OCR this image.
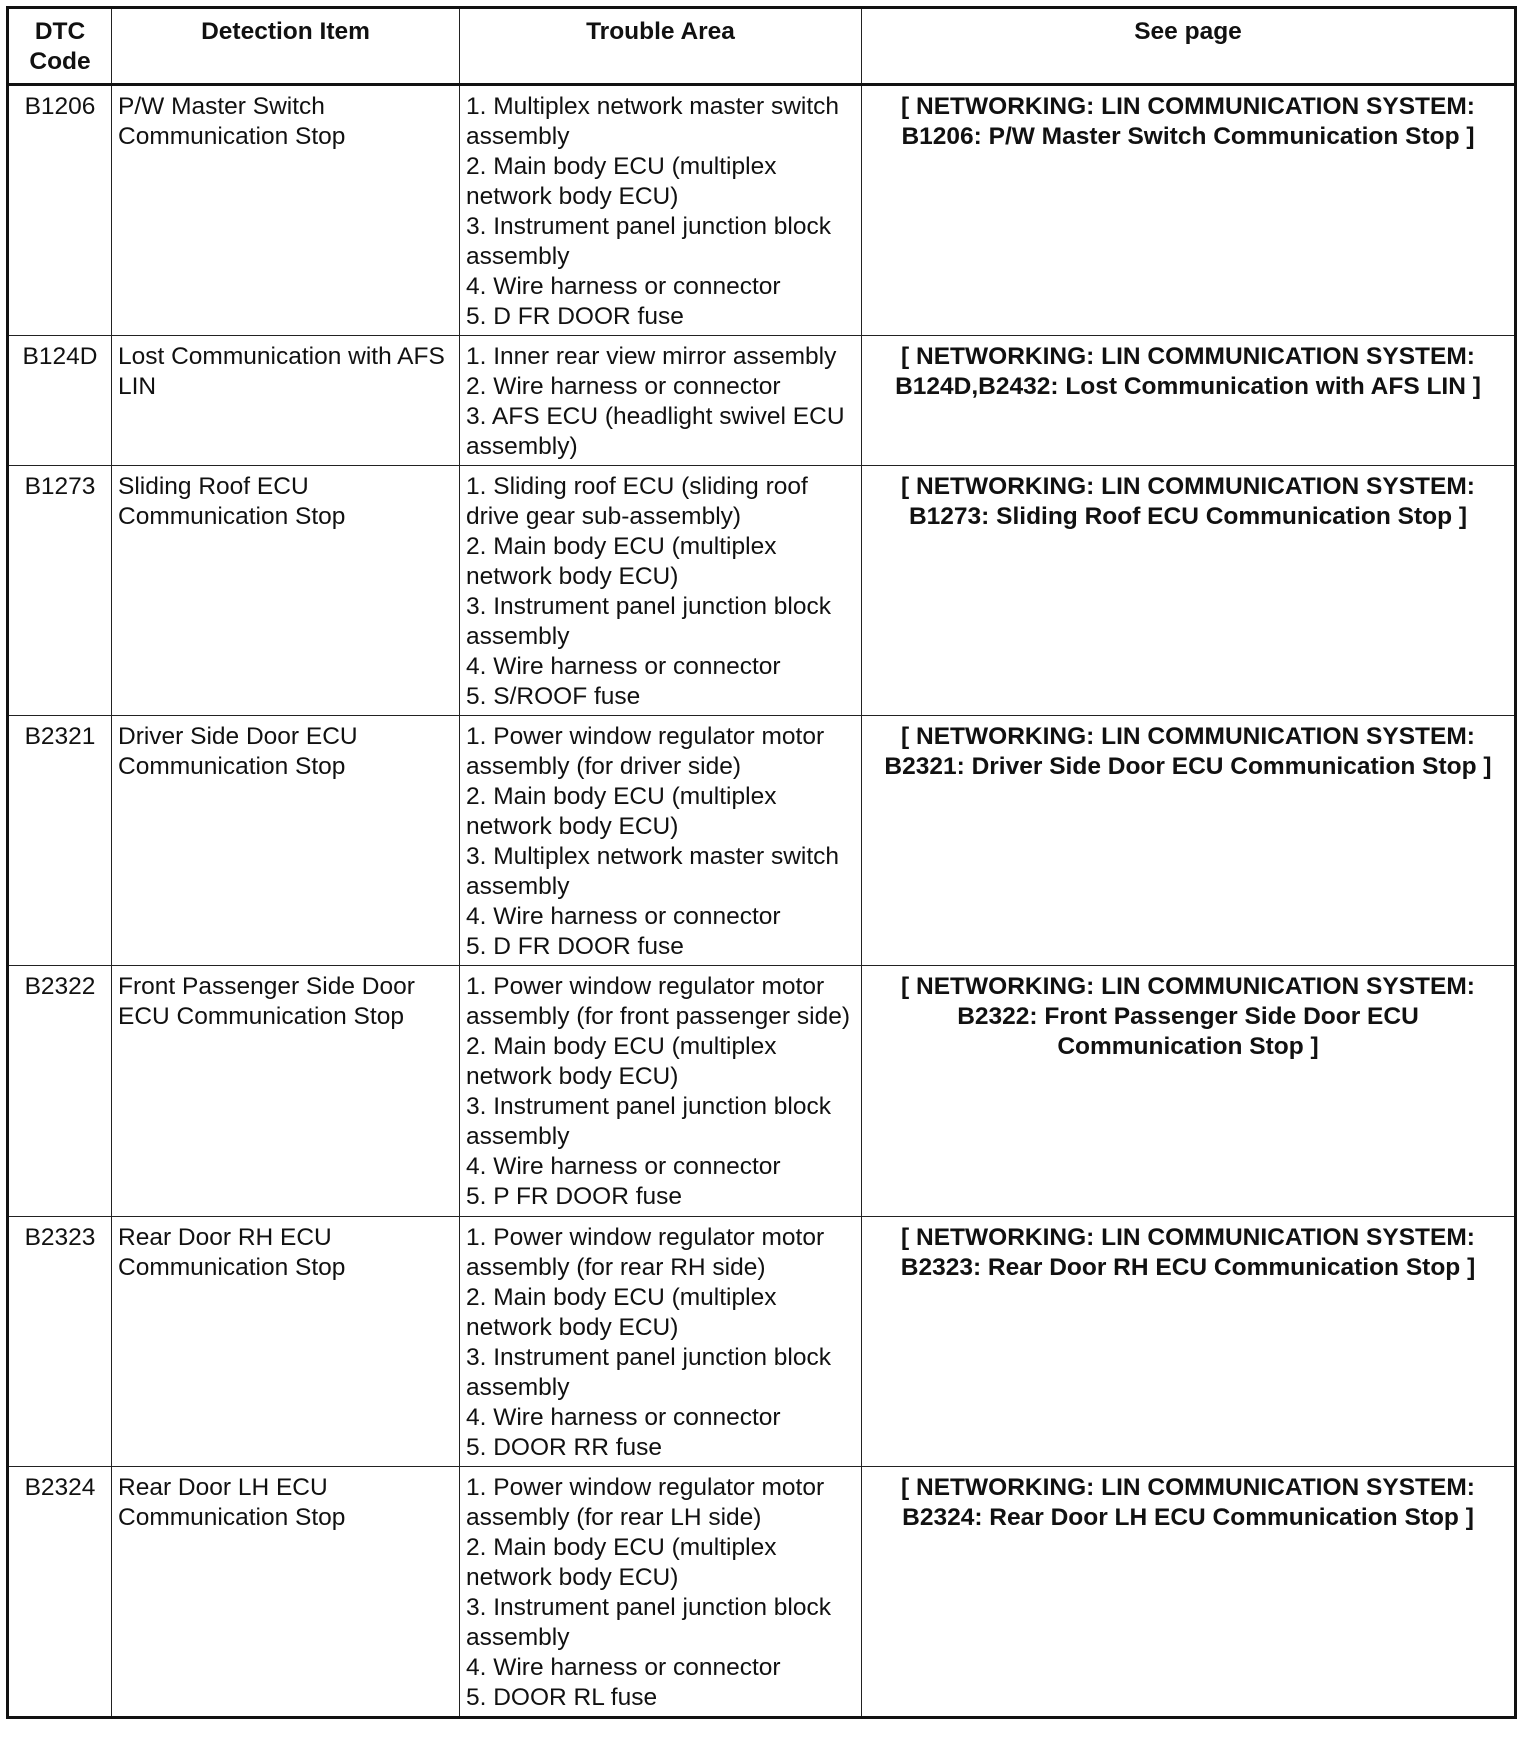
DTC Code	Detection Item	Trouble Area	See page
B1206	P/W Master Switch Communication Stop	1. Multiplex network master switch assembly
2. Main body ECU (multiplex network body ECU)
3. Instrument panel junction block assembly
4. Wire harness or connector
5. D FR DOOR fuse	[ NETWORKING: LIN COMMUNICATION SYSTEM: B1206: P/W Master Switch Communication Stop ]
B124D	Lost Communication with AFS LIN	1. Inner rear view mirror assembly
2. Wire harness or connector
3. AFS ECU (headlight swivel ECU assembly)	[ NETWORKING: LIN COMMUNICATION SYSTEM: B124D,B2432: Lost Communication with AFS LIN ]
B1273	Sliding Roof ECU Communication Stop	1. Sliding roof ECU (sliding roof drive gear sub-assembly)
2. Main body ECU (multiplex network body ECU)
3. Instrument panel junction block assembly
4. Wire harness or connector
5. S/ROOF fuse	[ NETWORKING: LIN COMMUNICATION SYSTEM: B1273: Sliding Roof ECU Communication Stop ]
B2321	Driver Side Door ECU Communication Stop	1. Power window regulator motor assembly (for driver side)
2. Main body ECU (multiplex network body ECU)
3. Multiplex network master switch assembly
4. Wire harness or connector
5. D FR DOOR fuse	[ NETWORKING: LIN COMMUNICATION SYSTEM: B2321: Driver Side Door ECU Communication Stop ]
B2322	Front Passenger Side Door ECU Communication Stop	1. Power window regulator motor assembly (for front passenger side)
2. Main body ECU (multiplex network body ECU)
3. Instrument panel junction block assembly
4. Wire harness or connector
5. P FR DOOR fuse	[ NETWORKING: LIN COMMUNICATION SYSTEM: B2322: Front Passenger Side Door ECU Communication Stop ]
B2323	Rear Door RH ECU Communication Stop	1. Power window regulator motor assembly (for rear RH side)
2. Main body ECU (multiplex network body ECU)
3. Instrument panel junction block assembly
4. Wire harness or connector
5. DOOR RR fuse	[ NETWORKING: LIN COMMUNICATION SYSTEM: B2323: Rear Door RH ECU Communication Stop ]
B2324	Rear Door LH ECU Communication Stop	1. Power window regulator motor assembly (for rear LH side)
2. Main body ECU (multiplex network body ECU)
3. Instrument panel junction block assembly
4. Wire harness or connector
5. DOOR RL fuse	[ NETWORKING: LIN COMMUNICATION SYSTEM: B2324: Rear Door LH ECU Communication Stop ]
